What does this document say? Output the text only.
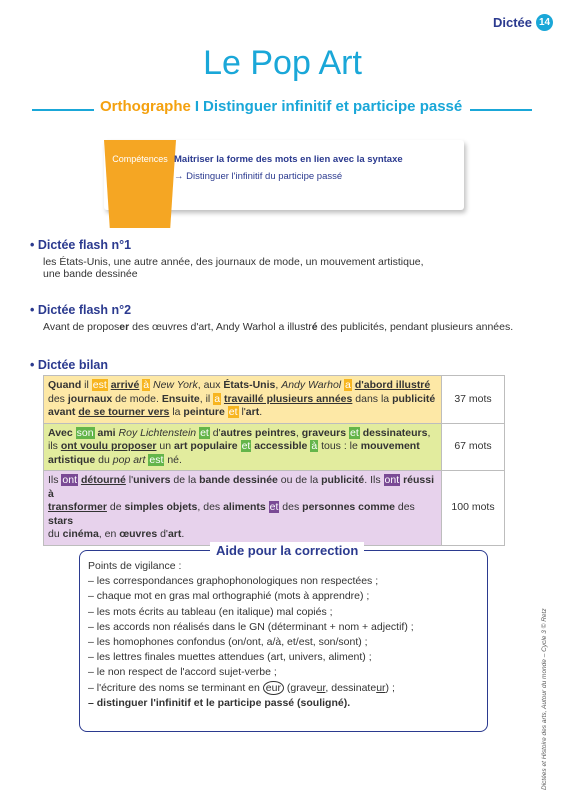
Dictée 14
Le Pop Art
Orthographe I Distinguer infinitif et participe passé
Compétences Maitriser la forme des mots en lien avec la syntaxe
→ Distinguer l'infinitif du participe passé
• Dictée flash n°1
les États-Unis, une autre année, des journaux de mode, un mouvement artistique,
une bande dessinée
• Dictée flash n°2
Avant de proposer des œuvres d'art, Andy Warhol a illustré des publicités, pendant plusieurs années.
• Dictée bilan
Quand il est arrivé à New York, aux États-Unis, Andy Warhol a d'abord illustré des journaux de mode. Ensuite, il a travaillé plusieurs années dans la publicité avant de se tourner vers la peinture et l'art.	37 mots
Avec son ami Roy Lichtenstein et d'autres peintres, graveurs et dessinateurs,
ils ont voulu proposer un art populaire et accessible à tous : le mouvement
artistique du pop art est né.	67 mots
Ils ont détourné l'univers de la bande dessinée ou de la publicité. Ils ont réussi à
transformer de simples objets, des aliments et des personnes comme des stars
du cinéma, en œuvres d'art.	100 mots
Aide pour la correction
Points de vigilance :
– les correspondances graphophonologiques non respectées ;
– chaque mot en gras mal orthographié (mots à apprendre) ;
– les mots écrits au tableau (en italique) mal copiés ;
– les accords non réalisés dans le GN (déterminant + nom + adjectif) ;
– les homophones confondus (on/ont, a/à, et/est, son/sont) ;
– les lettres finales muettes attendues (art, univers, aliment) ;
– le non respect de l'accord sujet-verbe ;
– l'écriture des noms se terminant en eur (graveur, dessinateur) ;
– distinguer l'infinitif et le participe passé (souligné).	Dictées et Histoire des arts, Autour du monde – Cycle 3 © Retz
